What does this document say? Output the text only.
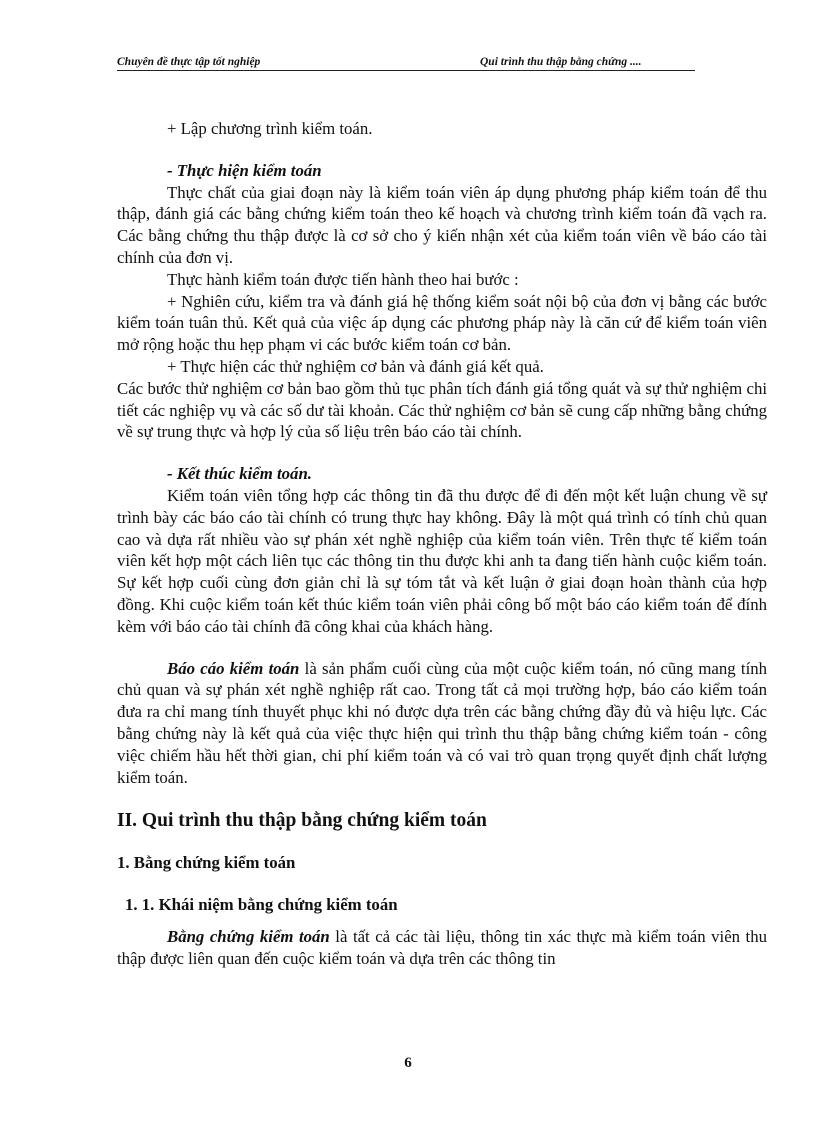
Chuyên đề thực tập tốt nghiệp	Qui trình thu thập bằng chứng ....

+ Lập chương trình kiểm toán.

- Thực hiện kiểm toán

Thực chất của giai đoạn này là kiểm toán viên áp dụng phương pháp kiểm toán để thu thập, đánh giá các bằng chứng kiểm toán theo kế hoạch và chương trình kiểm toán đã vạch ra. Các bằng chứng thu thập được là cơ sở cho ý kiến nhận xét của kiểm toán viên về báo cáo tài chính của đơn vị.

Thực hành kiểm toán được tiến hành theo hai bước :

+ Nghiên cứu, kiểm tra và đánh giá hệ thống kiểm soát nội bộ của đơn vị bằng các bước kiểm toán tuân thủ. Kết quả của việc áp dụng các phương pháp này là căn cứ để kiểm toán viên mở rộng hoặc thu hẹp phạm vi các bước kiểm toán cơ bản.

+ Thực hiện các thử nghiệm cơ bản và đánh giá kết quả.

Các bước thử nghiệm cơ bản bao gồm thủ tục phân tích đánh giá tổng quát và sự thử nghiệm chi tiết các nghiệp vụ và các số dư tài khoản. Các thử nghiệm cơ bản sẽ cung cấp những bằng chứng về sự trung thực và hợp lý của số liệu trên báo cáo tài chính.

- Kết thúc kiểm toán.

Kiểm toán viên tổng hợp các thông tin đã thu được để đi đến một kết luận chung về sự trình bày các báo cáo tài chính có trung thực hay không. Đây là một quá trình có tính chủ quan cao và dựa rất nhiều vào sự phán xét nghề nghiệp của kiểm toán viên. Trên thực tế kiểm toán viên kết hợp một cách liên tục các thông tin thu được khi anh ta đang tiến hành cuộc kiểm toán. Sự kết hợp cuối cùng đơn giản chỉ là sự tóm tắt và kết luận ở giai đoạn hoàn thành của hợp đồng. Khi cuộc kiểm toán kết thúc kiểm toán viên phải công bố một báo cáo kiểm toán để đính kèm với báo cáo tài chính đã công khai của khách hàng.

Báo cáo kiểm toán là sản phẩm cuối cùng của một cuộc kiểm toán, nó cũng mang tính chủ quan và sự phán xét nghề nghiệp rất cao. Trong tất cả mọi trường hợp, báo cáo kiểm toán đưa ra chỉ mang tính thuyết phục khi nó được dựa trên các bằng chứng đầy đủ và hiệu lực. Các bằng chứng này là kết quả của việc thực hiện qui trình thu thập bằng chứng kiểm toán - công việc chiếm hầu hết thời gian, chi phí kiểm toán và có vai trò quan trọng quyết định chất lượng kiểm toán.

II. Qui trình thu thập bằng chứng kiểm toán

1. Bằng chứng kiểm toán

1. 1. Khái niệm bằng chứng kiểm toán

Bằng chứng kiểm toán là tất cả các tài liệu, thông tin xác thực mà kiểm toán viên thu thập được liên quan đến cuộc kiểm toán và dựa trên các thông tin

6
